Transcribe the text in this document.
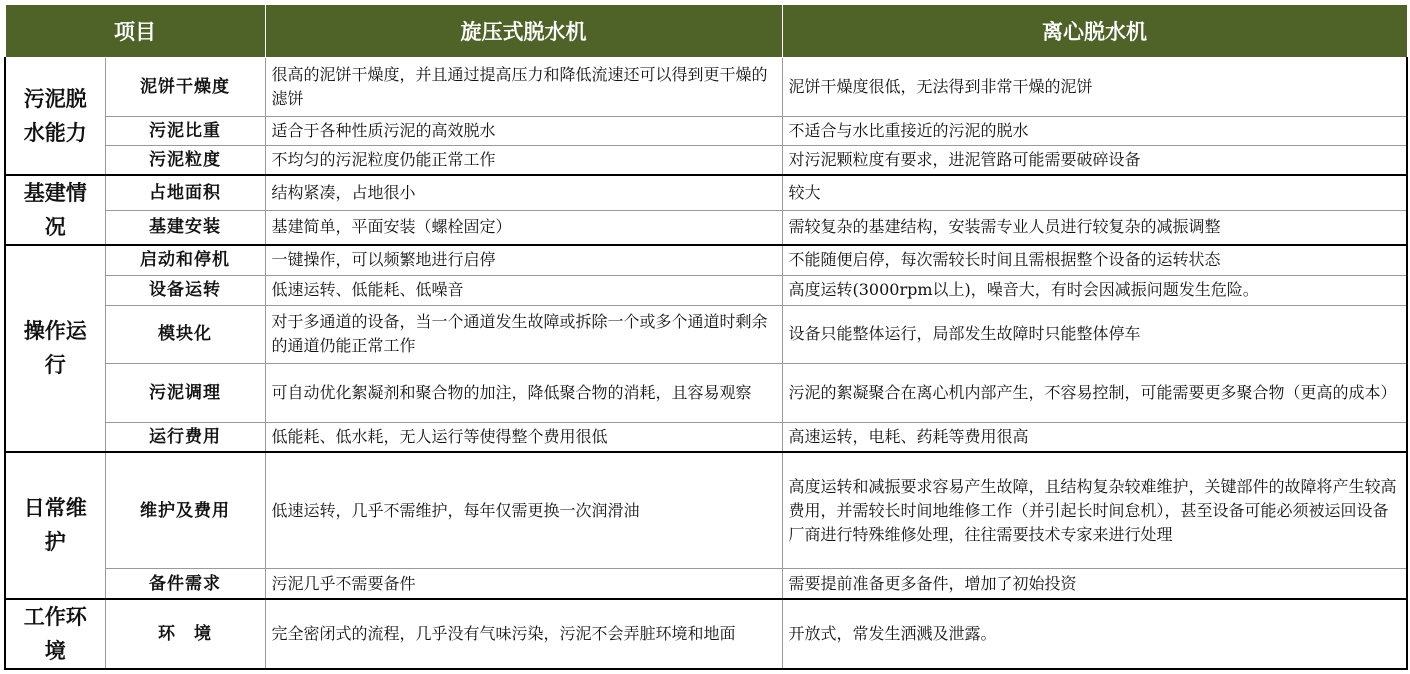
项目		旋压式脱水机	离心脱水机
污泥脱水能力	泥饼干燥度	很高的泥饼干燥度，并且通过提高压力和降低流速还可以得到更干燥的滤饼	泥饼干燥度很低，无法得到非常干燥的泥饼
	污泥比重	适合于各种性质污泥的高效脱水	不适合与水比重接近的污泥的脱水
	污泥粒度	不均匀的污泥粒度仍能正常工作	对污泥颗粒度有要求，进泥管路可能需要破碎设备
基建情况	占地面积	结构紧凑，占地很小	较大
	基建安装	基建简单，平面安装（螺栓固定）	需较复杂的基建结构，安装需专业人员进行较复杂的减振调整
操作运行	启动和停机	一键操作，可以频繁地进行启停	不能随便启停，每次需较长时间且需根据整个设备的运转状态
	设备运转	低速运转、低能耗、低噪音	高度运转(3000rpm以上)，噪音大，有时会因减振问题发生危险。
	模块化	对于多通道的设备，当一个通道发生故障或拆除一个或多个通道时剩余的通道仍能正常工作	设备只能整体运行，局部发生故障时只能整体停车
	污泥调理	可自动优化絮凝剂和聚合物的加注，降低聚合物的消耗，且容易观察	污泥的絮凝聚合在离心机内部产生，不容易控制，可能需要更多聚合物（更高的成本）
	运行费用	低能耗、低水耗，无人运行等使得整个费用很低	高速运转，电耗、药耗等费用很高
日常维护	维护及费用	低速运转，几乎不需维护，每年仅需更换一次润滑油	高度运转和减振要求容易产生故障，且结构复杂较难维护，关键部件的故障将产生较高费用，并需较长时间地维修工作（并引起长时间怠机），甚至设备可能必须被运回设备厂商进行特殊维修处理，往往需要技术专家来进行处理
	备件需求	污泥几乎不需要备件	需要提前准备更多备件，增加了初始投资
工作环境	环　境	完全密闭式的流程，几乎没有气味污染，污泥不会弄脏环境和地面	开放式，常发生洒溅及泄露。
